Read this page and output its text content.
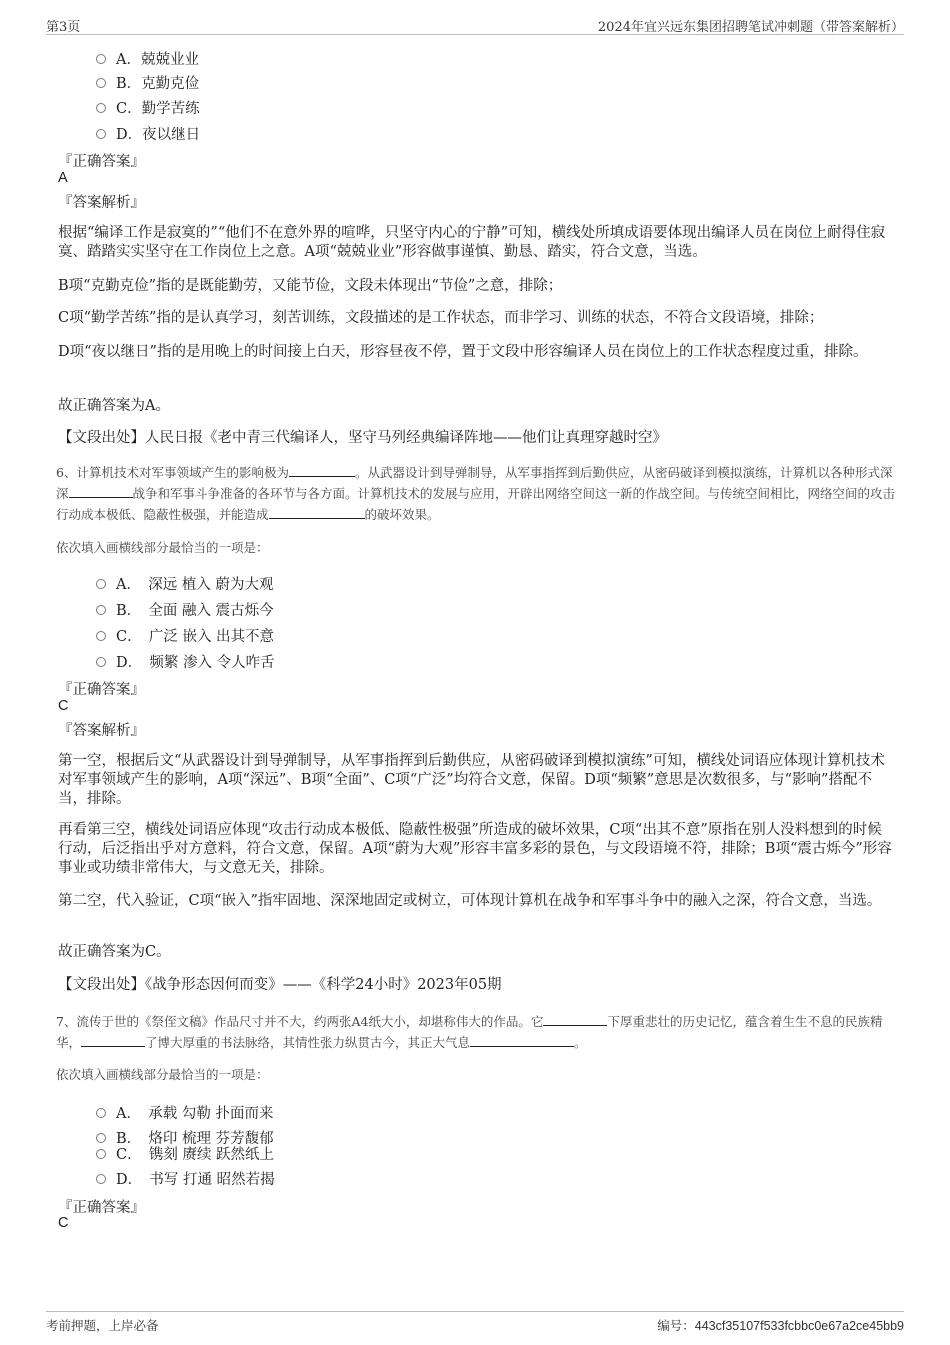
第3页	2024年宜兴远东集团招聘笔试冲刺题（带答案解析）
A．兢兢业业
B．克勤克俭
C．勤学苦练
D．夜以继日
『正确答案』
A
『答案解析』
根据“编译工作是寂寞的”“他们不在意外界的喧哗，只坚守内心的宁静”可知，横线处所填成语要体现出编译人员在岗位上耐得住寂寞、踏踏实实坚守在工作岗位上之意。A项“兢兢业业”形容做事谨慎、勤恳、踏实，符合文意，当选。
B项“克勤克俭”指的是既能勤劳，又能节俭，文段未体现出“节俭”之意，排除；
C项“勤学苦练”指的是认真学习，刻苦训练，文段描述的是工作状态，而非学习、训练的状态，不符合文段语境，排除；
D项“夜以继日”指的是用晚上的时间接上白天，形容昼夜不停，置于文段中形容编译人员在岗位上的工作状态程度过重，排除。
故正确答案为A。
【文段出处】人民日报《老中青三代编译人，坚守马列经典编译阵地——他们让真理穿越时空》
6、计算机技术对军事领域产生的影响极为	。从武器设计到导弹制导，从军事指挥到后勤供应，从密码破译到模拟演练，计算机以各种形式深深	战争和军事斗争准备的各环节与各方面。计算机技术的发展与应用，开辟出网络空间这一新的作战空间。与传统空间相比，网络空间的攻击行动成本极低、隐蔽性极强，并能造成	的破坏效果。
依次填入画横线部分最恰当的一项是：
A．　深远 植入 蔚为大观
B．　全面 融入 震古烁今
C．　广泛 嵌入 出其不意
D．　频繁 渗入 令人咋舌
『正确答案』
C
『答案解析』
第一空，根据后文“从武器设计到导弹制导，从军事指挥到后勤供应，从密码破译到模拟演练”可知，横线处词语应体现计算机技术对军事领域产生的影响，A项“深远”、B项“全面”、C项“广泛”均符合文意，保留。D项“频繁”意思是次数很多，与“影响”搭配不当，排除。
再看第三空，横线处词语应体现“攻击行动成本极低、隐蔽性极强”所造成的破坏效果，C项“出其不意”原指在别人没料想到的时候行动，后泛指出乎对方意料，符合文意，保留。A项“蔚为大观”形容丰富多彩的景色，与文段语境不符，排除；B项“震古烁今”形容事业或功绩非常伟大，与文意无关，排除。
第二空，代入验证，C项“嵌入”指牢固地、深深地固定或树立，可体现计算机在战争和军事斗争中的融入之深，符合文意，当选。
故正确答案为C。
【文段出处】《战争形态因何而变》——《科学24小时》2023年05期
7、流传于世的《祭侄文稿》作品尺寸并不大，约两张A4纸大小，却堪称伟大的作品。它	下厚重悲壮的历史记忆，蕴含着生生不息的民族精华，	了博大厚重的书法脉络，其情性张力纵贯古今，其正大气息	。
依次填入画横线部分最恰当的一项是：
A．　承载 勾勒 扑面而来
B．　烙印 梳理 芬芳馥郁
C．　镌刻 赓续 跃然纸上
D．　书写 打通 昭然若揭
『正确答案』
C
考前押题，上岸必备	编号：443cf35107f533fcbbc0e67a2ce45bb9
